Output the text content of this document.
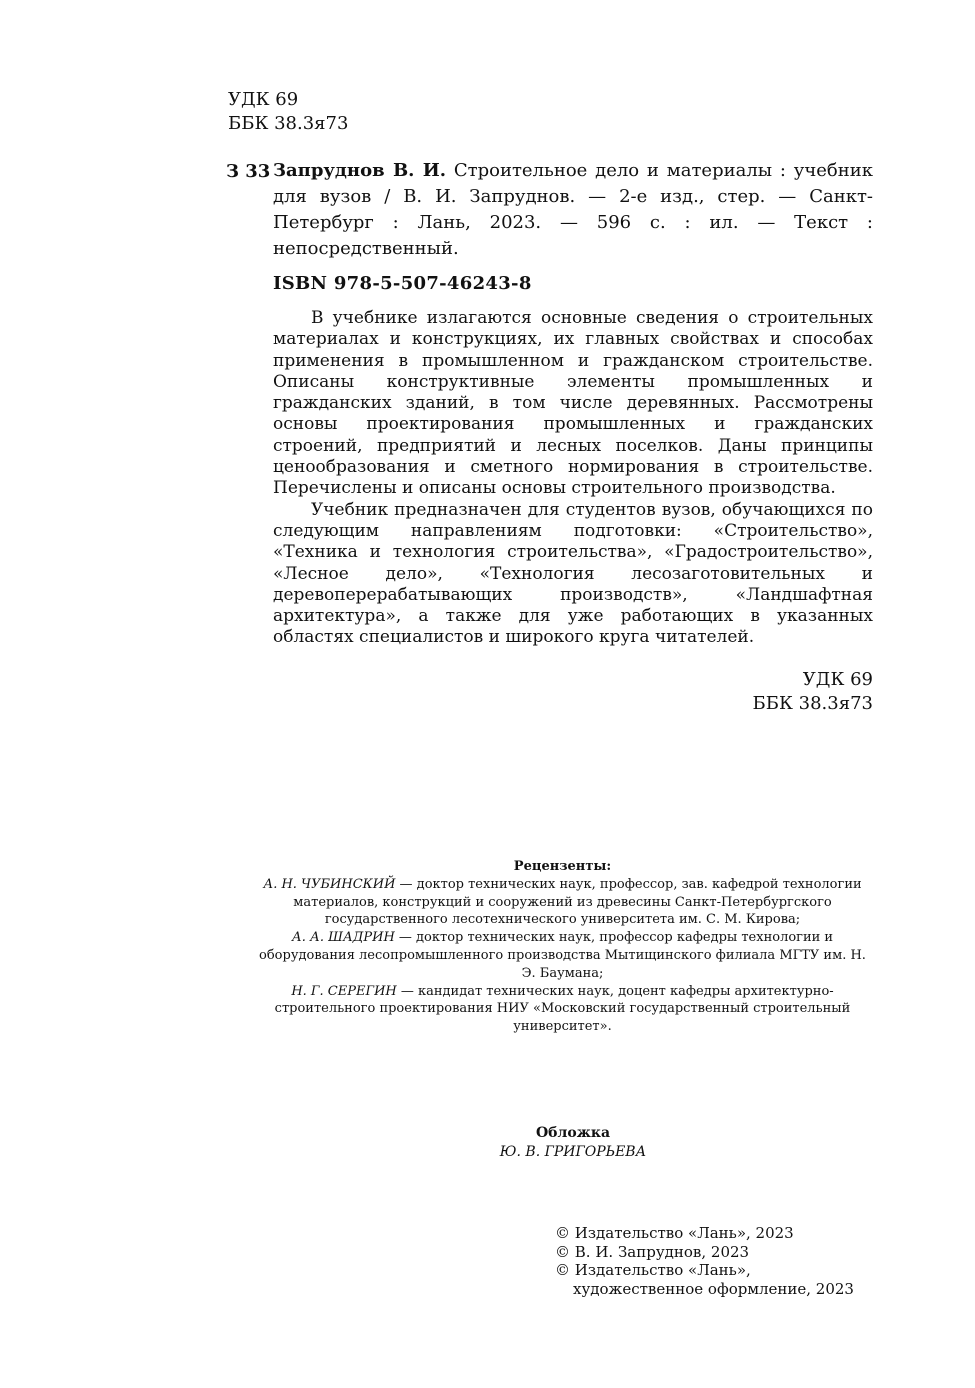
УДК 69
ББК 38.3я73
З 33 Запруднов В. И. Строительное дело и материалы : учебник для вузов / В. И. Запруднов. — 2-е изд., стер. — Санкт-Петербург : Лань, 2023. — 596 с. : ил. — Текст : непосредственный.
ISBN 978-5-507-46243-8

В учебнике излагаются основные сведения о строительных материалах и конструкциях, их главных свойствах и способах применения в промышленном и гражданском строительстве. Описаны конструктивные элементы промышленных и гражданских зданий, в том числе деревянных. Рассмотрены основы проектирования промышленных и гражданских строений, предприятий и лесных поселков. Даны принципы ценообразования и сметного нормирования в строительстве. Перечислены и описаны основы строительного производства.

Учебник предназначен для студентов вузов, обучающихся по следующим направлениям подготовки: «Строительство», «Техника и технология строительства», «Градостроительство», «Лесное дело», «Технология лесозаготовительных и деревоперерабатывающих производств», «Ландшафтная архитектура», а также для уже работающих в указанных областях специалистов и широкого круга читателей.

УДК 69
ББК 38.3я73
Рецензенты:
А. Н. ЧУБИНСКИЙ — доктор технических наук, профессор, зав. кафедрой технологии материалов, конструкций и сооружений из древесины Санкт-Петербургского государственного лесотехнического университета им. С. М. Кирова;
А. А. ШАДРИН — доктор технических наук, профессор кафедры технологии и оборудования лесопромышленного производства Мытищинского филиала МГТУ им. Н. Э. Баумана;
Н. Г. СЕРЕГИН — кандидат технических наук, доцент кафедры архитектурно-строительного проектирования НИУ «Московский государственный строительный университет».
Обложка
Ю. В. ГРИГОРЬЕВА
© Издательство «Лань», 2023
© В. И. Запруднов, 2023
© Издательство «Лань»,
художественное оформление, 2023
